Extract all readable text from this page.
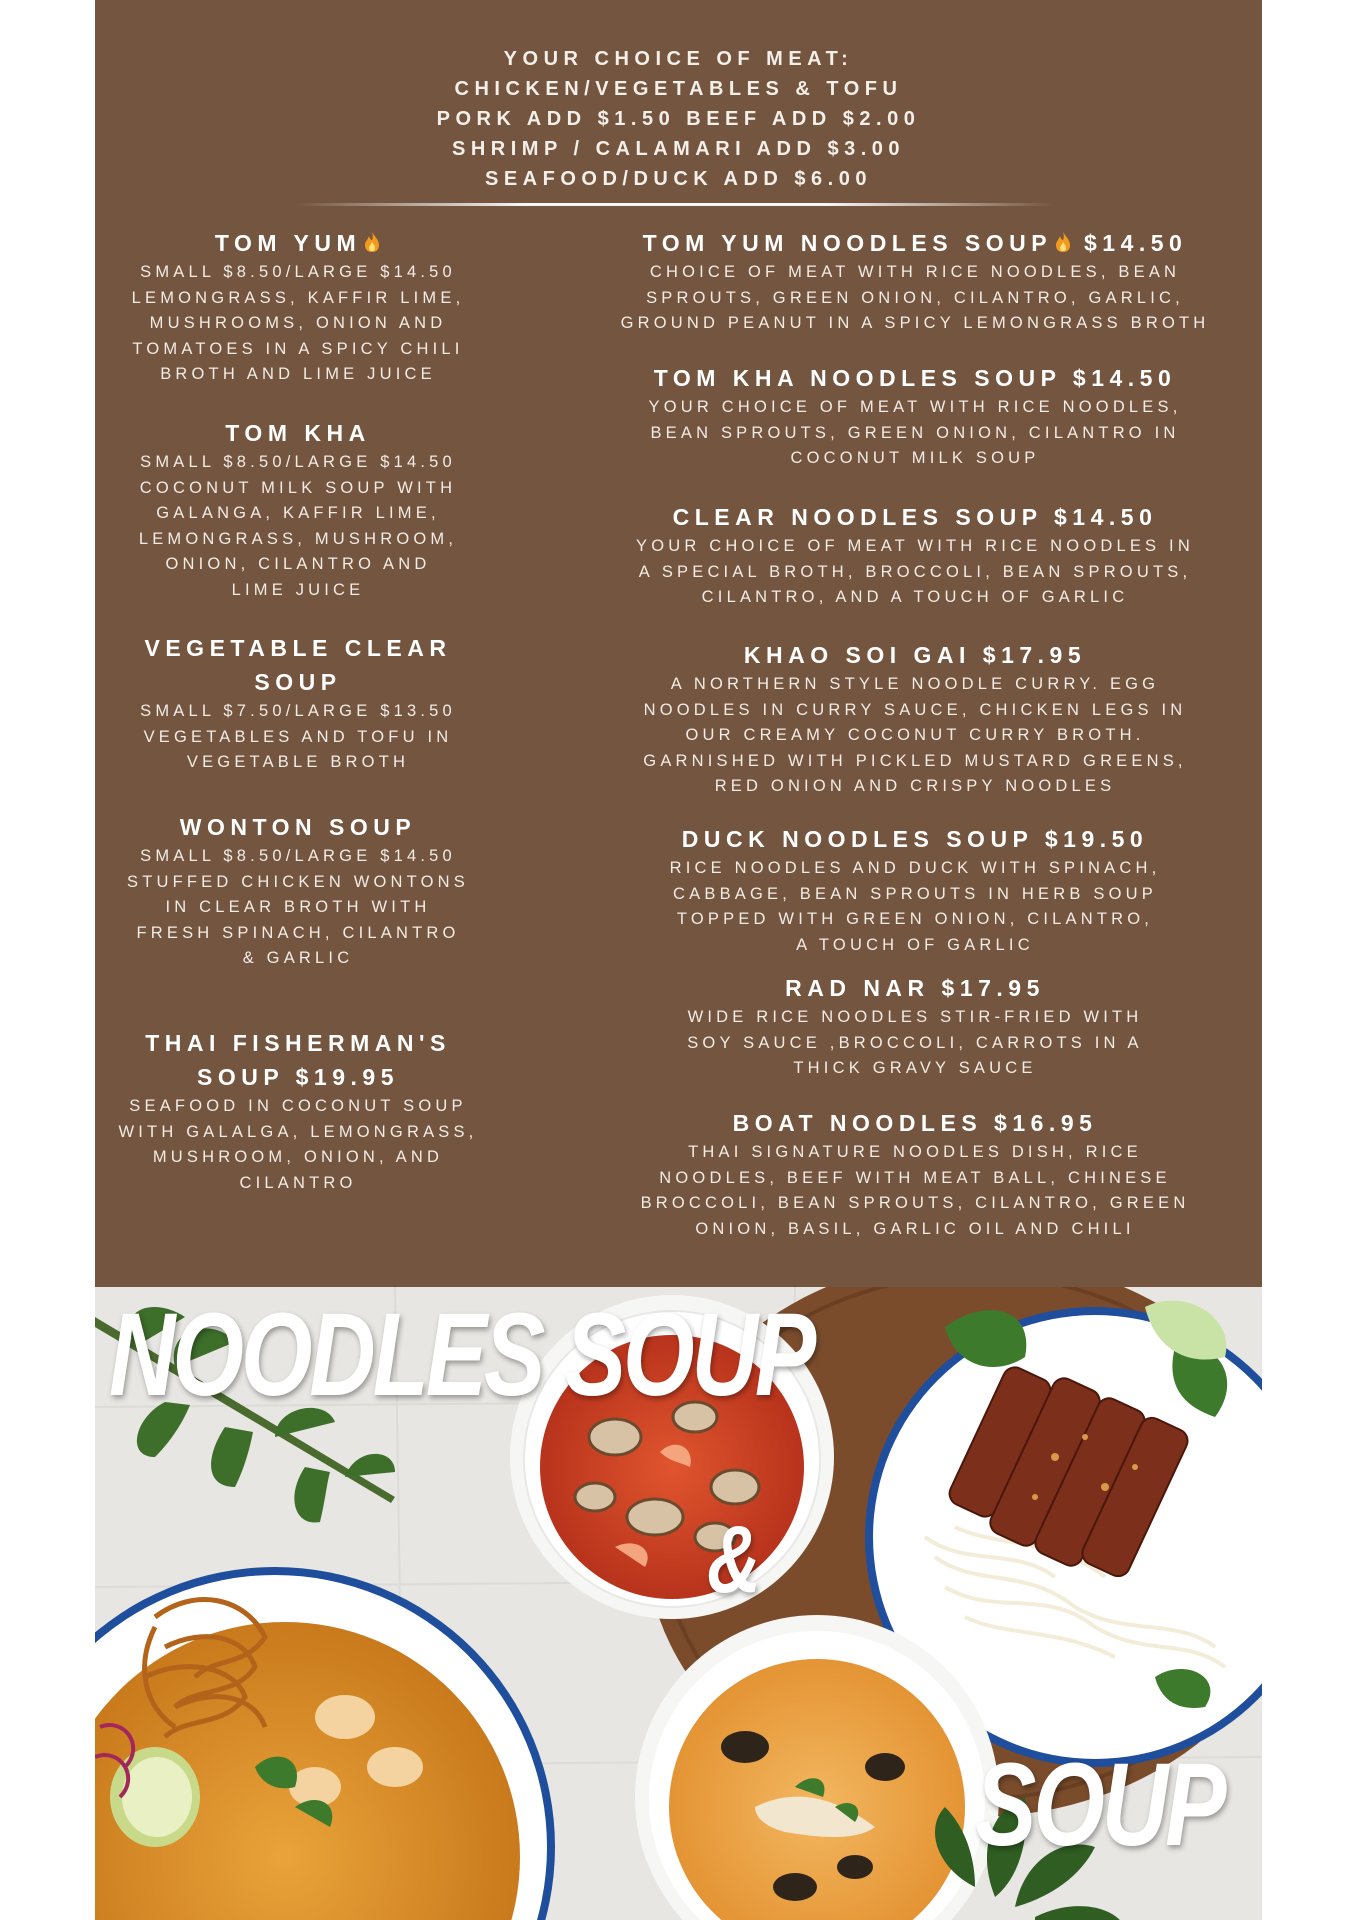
YOUR CHOICE OF MEAT:
CHICKEN/VEGETABLES & TOFU
PORK ADD $1.50 BEEF ADD $2.00
SHRIMP / CALAMARI ADD $3.00
SEAFOOD/DUCK ADD $6.00
TOM YUM
SMALL $8.50/LARGE $14.50
LEMONGRASS, KAFFIR LIME,
MUSHROOMS, ONION AND
TOMATOES IN A SPICY CHILI
BROTH AND LIME JUICE
TOM KHA
SMALL $8.50/LARGE $14.50
COCONUT MILK SOUP WITH
GALANGA, KAFFIR LIME,
LEMONGRASS, MUSHROOM,
ONION, CILANTRO AND
LIME JUICE
VEGETABLE CLEAR
SOUP
SMALL $7.50/LARGE $13.50
VEGETABLES AND TOFU IN
VEGETABLE BROTH
WONTON SOUP
SMALL $8.50/LARGE $14.50
STUFFED CHICKEN WONTONS
IN CLEAR BROTH WITH
FRESH SPINACH, CILANTRO
& GARLIC
THAI FISHERMAN'S
SOUP $19.95
SEAFOOD IN COCONUT SOUP
WITH GALALGA, LEMONGRASS,
MUSHROOM, ONION, AND
CILANTRO
TOM YUM NOODLES SOUP $14.50
CHOICE OF MEAT WITH RICE NOODLES, BEAN
SPROUTS, GREEN ONION, CILANTRO, GARLIC,
GROUND PEANUT IN A SPICY LEMONGRASS BROTH
TOM KHA NOODLES SOUP $14.50
YOUR CHOICE OF MEAT WITH RICE NOODLES,
BEAN SPROUTS, GREEN ONION, CILANTRO IN
COCONUT MILK SOUP
CLEAR NOODLES SOUP $14.50
YOUR CHOICE OF MEAT WITH RICE NOODLES IN
A SPECIAL BROTH, BROCCOLI, BEAN SPROUTS,
CILANTRO, AND A TOUCH OF GARLIC
KHAO SOI GAI $17.95
A NORTHERN STYLE NOODLE CURRY. EGG
NOODLES IN CURRY SAUCE, CHICKEN LEGS IN
OUR CREAMY COCONUT CURRY BROTH.
GARNISHED WITH PICKLED MUSTARD GREENS,
RED ONION AND CRISPY NOODLES
DUCK NOODLES SOUP $19.50
RICE NOODLES AND DUCK WITH SPINACH,
CABBAGE, BEAN SPROUTS IN HERB SOUP
TOPPED WITH GREEN ONION, CILANTRO,
A TOUCH OF GARLIC
RAD NAR $17.95
WIDE RICE NOODLES STIR-FRIED WITH
SOY SAUCE ,BROCCOLI, CARROTS IN A
THICK GRAVY SAUCE
BOAT NOODLES $16.95
THAI SIGNATURE NOODLES DISH, RICE
NOODLES, BEEF WITH MEAT BALL, CHINESE
BROCCOLI, BEAN SPROUTS, CILANTRO, GREEN
ONION, BASIL, GARLIC OIL AND CHILI
NOODLES SOUP
&
SOUP
